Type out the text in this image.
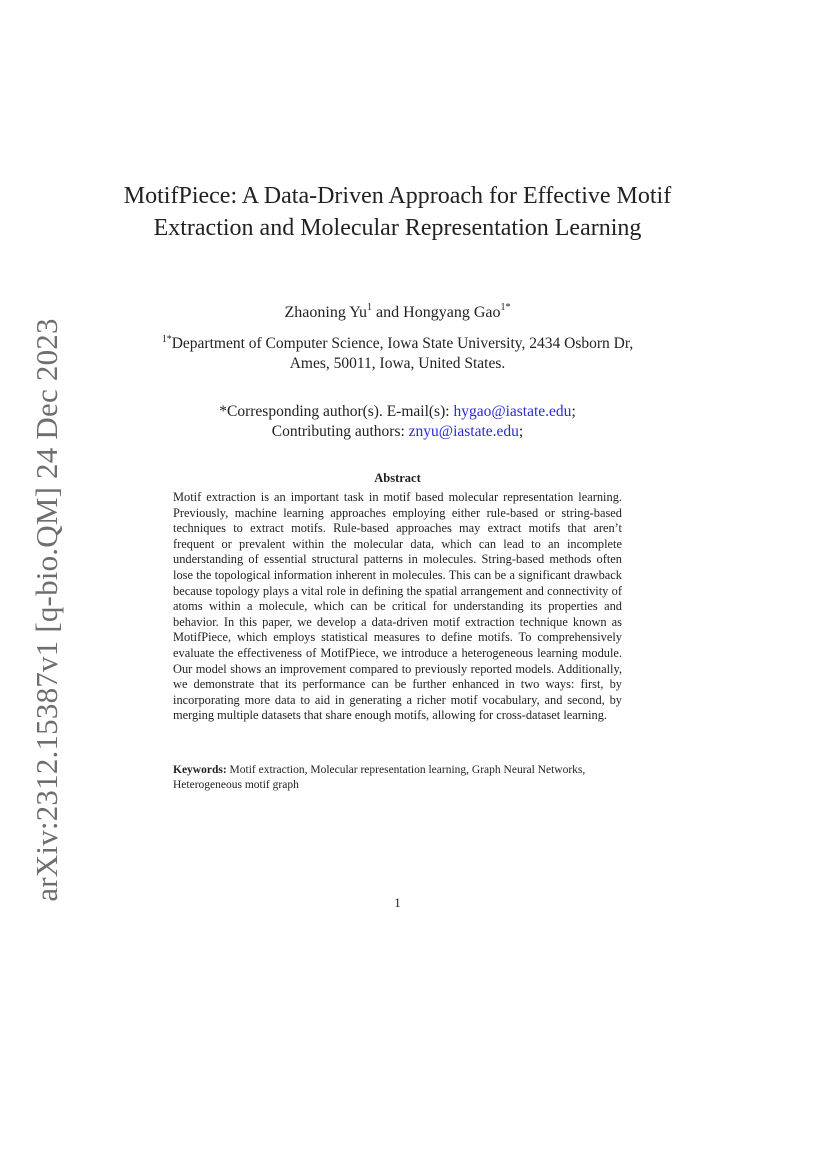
arXiv:2312.15387v1 [q-bio.QM] 24 Dec 2023
MotifPiece: A Data-Driven Approach for Effective Motif Extraction and Molecular Representation Learning
Zhaoning Yu$^1$ and Hongyang Gao$^{1*}$
$^{1*}$Department of Computer Science, Iowa State University, 2434 Osborn Dr, Ames, 50011, Iowa, United States.
*Corresponding author(s). E-mail(s): hygao@iastate.edu;
Contributing authors: znyu@iastate.edu;
Abstract

Motif extraction is an important task in motif based molecular representation learning. Previously, machine learning approaches employing either rule-based or string-based techniques to extract motifs. Rule-based approaches may extract motifs that aren’t frequent or prevalent within the molecular data, which can lead to an incomplete understanding of essential structural patterns in molecules. String-based methods often lose the topological information inherent in molecules. This can be a significant drawback because topology plays a vital role in defining the spatial arrangement and connectivity of atoms within a molecule, which can be critical for understanding its properties and behavior. In this paper, we develop a data-driven motif extraction technique known as MotifPiece, which employs statistical measures to define motifs. To comprehensively evaluate the effectiveness of MotifPiece, we introduce a heterogeneous learning module. Our model shows an improvement compared to previously reported models. Additionally, we demonstrate that its performance can be further enhanced in two ways: first, by incorporating more data to aid in generating a richer motif vocabulary, and second, by merging multiple datasets that share enough motifs, allowing for cross-dataset learning.

Keywords: Motif extraction, Molecular representation learning, Graph Neural Networks, Heterogeneous motif graph
1
